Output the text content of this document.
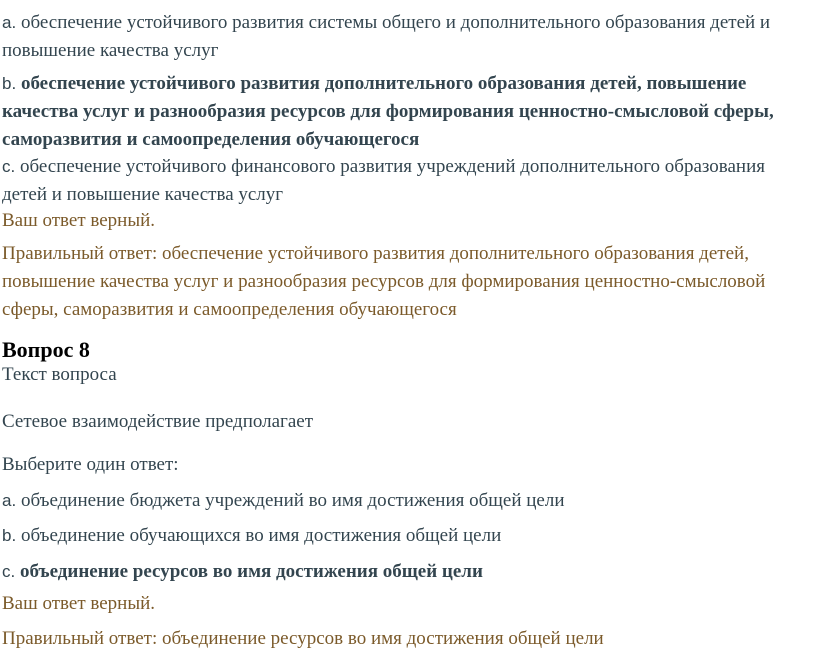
a. обеспечение устойчивого развития системы общего и дополнительного образования детей и повышение качества услуг
b. обеспечение устойчивого развития дополнительного образования детей, повышение качества услуг и разнообразия ресурсов для формирования ценностно-смысловой сферы, саморазвития и самоопределения обучающегося
c. обеспечение устойчивого финансового развития учреждений дополнительного образования детей и повышение качества услуг
Ваш ответ верный.
Правильный ответ: обеспечение устойчивого развития дополнительного образования детей, повышение качества услуг и разнообразия ресурсов для формирования ценностно-смысловой сферы, саморазвития и самоопределения обучающегося
Вопрос 8
Текст вопроса
Сетевое взаимодействие предполагает
Выберите один ответ:
a. объединение бюджета учреждений во имя достижения общей цели
b. объединение обучающихся во имя достижения общей цели
c. объединение ресурсов во имя достижения общей цели
Ваш ответ верный.
Правильный ответ: объединение ресурсов во имя достижения общей цели
